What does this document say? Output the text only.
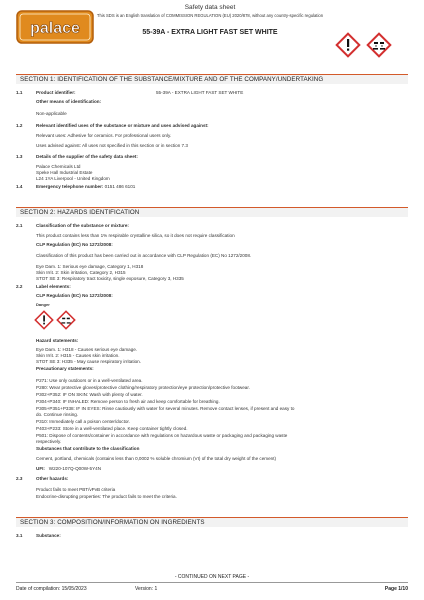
palace
Safety data sheet
This SDS is an English translation of COMMISSION REGULATION (EU) 2020/878, without any country-specific regulation
55-39A - EXTRA LIGHT FAST SET WHITE
SECTION 1: IDENTIFICATION OF THE SUBSTANCE/MIXTURE AND OF THE COMPANY/UNDERTAKING
1.1	Product identifier:	55-39A - EXTRA LIGHT FAST SET WHITE
Other means of identification:
Non-applicable
1.2	Relevant identified uses of the substance or mixture and uses advised against:
Relevant uses: Adhesive for ceramics. For professional users only.
Uses advised against: All uses not specified in this section or in section 7.3
1.3	Details of the supplier of the safety data sheet:
Palace Chemicals Ltd
Speke Hall Industrial Estate
L24 1YA Liverpool - United Kingdom
1.4	Emergency telephone number: 0151 486 6101
SECTION 2: HAZARDS IDENTIFICATION
2.1	Classification of the substance or mixture:
This product contains less than 1% respirable crystalline silica, so it does not require classification
CLP Regulation (EC) No 1272/2008:
Classification of this product has been carried out in accordance with CLP Regulation (EC) No 1272/2008.
Eye Dam. 1: Serious eye damage, Category 1, H318
Skin Irrit. 2: Skin irritation, Category 2, H315
STOT SE 3: Respiratory tract toxicity, single exposure, Category 3, H335
2.2	Label elements:
CLP Regulation (EC) No 1272/2008:
Danger
Hazard statements:
Eye Dam. 1: H318 - Causes serious eye damage.
Skin Irrit. 2: H315 - Causes skin irritation.
STOT SE 3: H335 - May cause respiratory irritation.
Precautionary statements:
P271: Use only outdoors or in a well-ventilated area.
P280: Wear protective gloves/protective clothing/respiratory protection/eye protection/protective footwear.
P302+P352: IF ON SKIN: Wash with plenty of water.
P304+P340: IF INHALED: Remove person to fresh air and keep comfortable for breathing.
P305+P351+P338: IF IN EYES: Rinse cautiously with water for several minutes. Remove contact lenses, if present and easy to
do. Continue rinsing.
P310: Immediately call a poison center/doctor.
P403+P233: Store in a well-ventilated place. Keep container tightly closed.
P501: Dispose of contents/container in accordance with regulations on hazardous waste or packaging and packaging waste
respectively.
Substances that contribute to the classification
Cement, portland, chemicals (contains less than 0,0002 % soluble chromium (VI) of the total dry weight of the cement)
UFI: W220-107Q-Q00W-5Y4N
2.3	Other hazards:
Product fails to meet PBT/vPvB criteria
Endocrine-disrupting properties: The product fails to meet the criteria.
SECTION 3: COMPOSITION/INFORMATION ON INGREDIENTS
3.1	Substance:
- CONTINUED ON NEXT PAGE -
Date of compilation: 15/05/2023	Version: 1	Page 1/10
